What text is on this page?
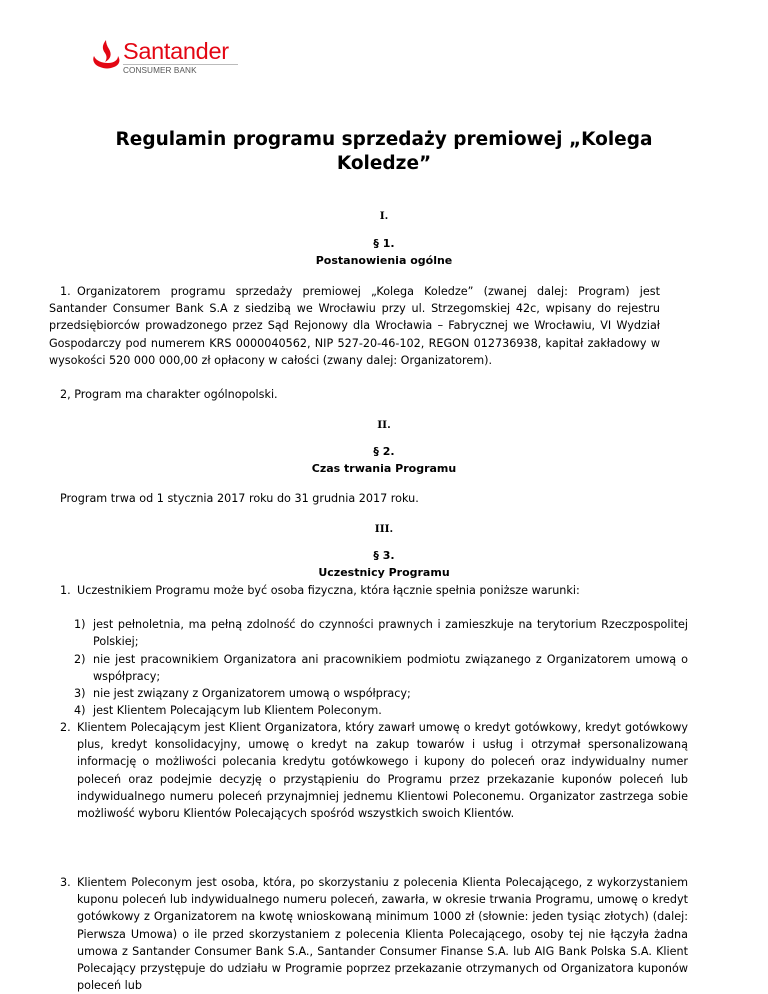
Santander
CONSUMER BANK
Regulamin programu sprzedaży premiowej „Kolega
Koledze”
I.
§ 1.
Postanowienia ogólne
1. Organizatorem programu sprzedaży premiowej „Kolega Koledze” (zwanej dalej: Program) jest Santander Consumer Bank S.A z siedzibą we Wrocławiu przy ul. Strzegomskiej 42c, wpisany do rejestru przedsiębiorców prowadzonego przez Sąd Rejonowy dla Wrocławia – Fabrycznej we Wrocławiu, VI Wydział Gospodarczy pod numerem KRS 0000040562, NIP 527-20-46-102, REGON 012736938, kapitał zakładowy w wysokości 520 000 000,00 zł opłacony w całości (zwany dalej: Organizatorem).
2, Program ma charakter ogólnopolski.
II.
§ 2.
Czas trwania Programu
Program trwa od 1 stycznia 2017 roku do 31 grudnia 2017 roku.
III.
§ 3.
Uczestnicy Programu
1. Uczestnikiem Programu może być osoba fizyczna, która łącznie spełnia poniższe warunki:
1) jest pełnoletnia, ma pełną zdolność do czynności prawnych i zamieszkuje na terytorium Rzeczpospolitej Polskiej;
2) nie jest pracownikiem Organizatora ani pracownikiem podmiotu związanego z Organizatorem umową o współpracy;
3) nie jest związany z Organizatorem umową o współpracy;
4) jest Klientem Polecającym lub Klientem Poleconym.
2. Klientem Polecającym jest Klient Organizatora, który zawarł umowę o kredyt gotówkowy, kredyt gotówkowy plus, kredyt konsolidacyjny, umowę o kredyt na zakup towarów i usług i otrzymał spersonalizowaną informację o możliwości polecania kredytu gotówkowego i kupony do poleceń oraz indywidualny numer poleceń oraz podejmie decyzję o przystąpieniu do Programu przez przekazanie kuponów poleceń lub indywidualnego numeru poleceń przynajmniej jednemu Klientowi Poleconemu. Organizator zastrzega sobie możliwość wyboru Klientów Polecających spośród wszystkich swoich Klientów.
3. Klientem Poleconym jest osoba, która, po skorzystaniu z polecenia Klienta Polecającego, z wykorzystaniem kuponu poleceń lub indywidualnego numeru poleceń, zawarła, w okresie trwania Programu, umowę o kredyt gotówkowy z Organizatorem na kwotę wnioskowaną minimum 1000 zł (słownie: jeden tysiąc złotych) (dalej: Pierwsza Umowa) o ile przed skorzystaniem z polecenia Klienta Polecającego, osoby tej nie łączyła żadna umowa z Santander Consumer Bank S.A., Santander Consumer Finanse S.A. lub AIG Bank Polska S.A. Klient Polecający przystępuje do udziału w Programie poprzez przekazanie otrzymanych od Organizatora kuponów poleceń lub
